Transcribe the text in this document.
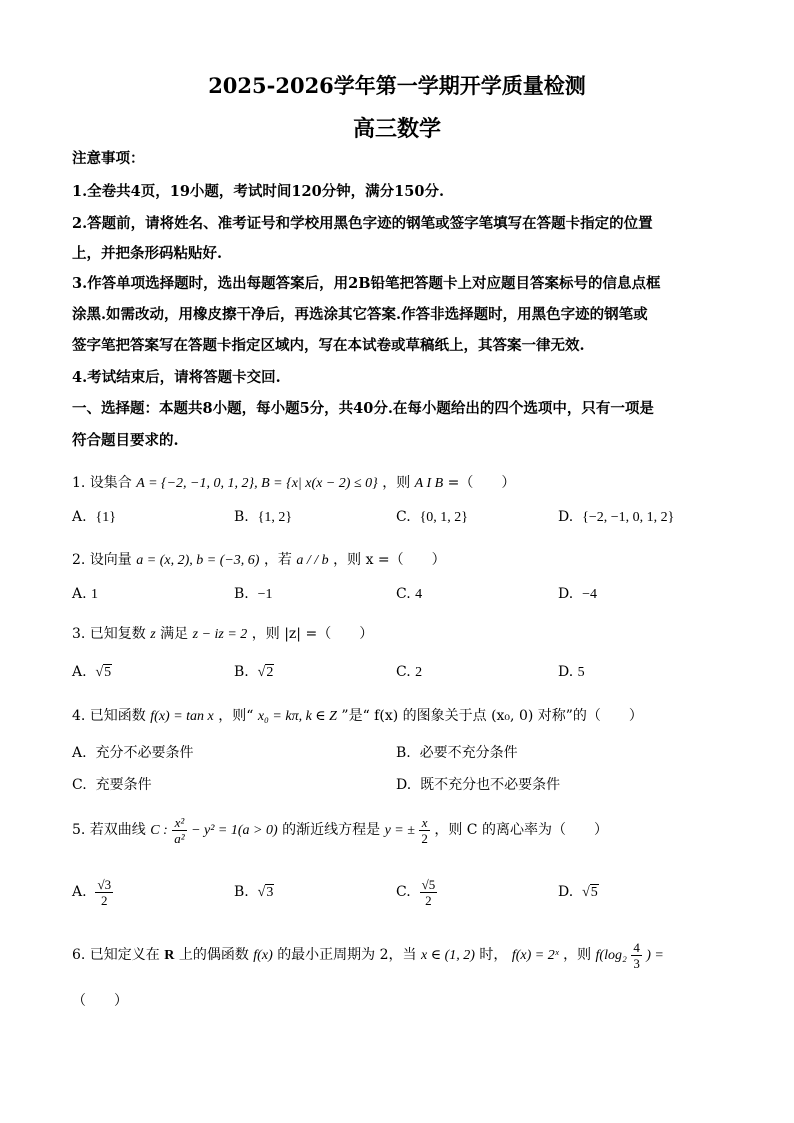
2025-2026学年第一学期开学质量检测
高三数学
注意事项：
1.全卷共4页，19小题，考试时间120分钟，满分150分.
2.答题前，请将姓名、准考证号和学校用黑色字迹的钢笔或签字笔填写在答题卡指定的位置
上，并把条形码粘贴好.
3.作答单项选择题时，选出每题答案后，用2B铅笔把答题卡上对应题目答案标号的信息点框
涂黑.如需改动，用橡皮擦干净后，再选涂其它答案.作答非选择题时，用黑色字迹的钢笔或
签字笔把答案写在答题卡指定区域内，写在本试卷或草稿纸上，其答案一律无效.
4.考试结束后，请将答题卡交回.
一、选择题：本题共8小题，每小题5分，共40分.在每小题给出的四个选项中，只有一项是
符合题目要求的.
1. 设集合 A = {−2, −1, 0, 1, 2}, B = {x| x(x − 2) ≤ 0} ，则 A I B =（　　）
A. {1}	B. {1, 2}	C. {0, 1, 2}	D. {−2, −1, 0, 1, 2}
2. 设向量 a = (x, 2), b = (−3, 6) ，若 a / / b ，则 x =（　　）
A. 1	B. −1	C. 4	D. −4
3. 已知复数 z 满足 z − iz = 2 ，则 |z| =（　　）
A. √5	B. √2	C. 2	D. 5
4. 已知函数 f(x) = tan x ，则“ x₀ = kπ, k ∈ Z ”是“ f(x) 的图象关于点 (x₀, 0) 对称”的（　　）
A. 充分不必要条件	B. 必要不充分条件
C. 充要条件	D. 既不充分也不必要条件
5. 若双曲线 C : $\frac{\text{x²}}{\text{a²}} - y^2 = 1(a > 0)$ 的渐近线方程是 y = ± $\frac{x}{2}$ ，则 C 的离心率为（　　）
A. $\frac{√3}{2}$	B. √3	C. $\frac{√5}{2}$	D. √5
6. 已知定义在 R 上的偶函数 f(x) 的最小正周期为 2，当 x ∈ (1, 2) 时， f(x) = 2ˣ ，则 $f(\log_2 \frac{4}{3}$ ) =
（　　）
